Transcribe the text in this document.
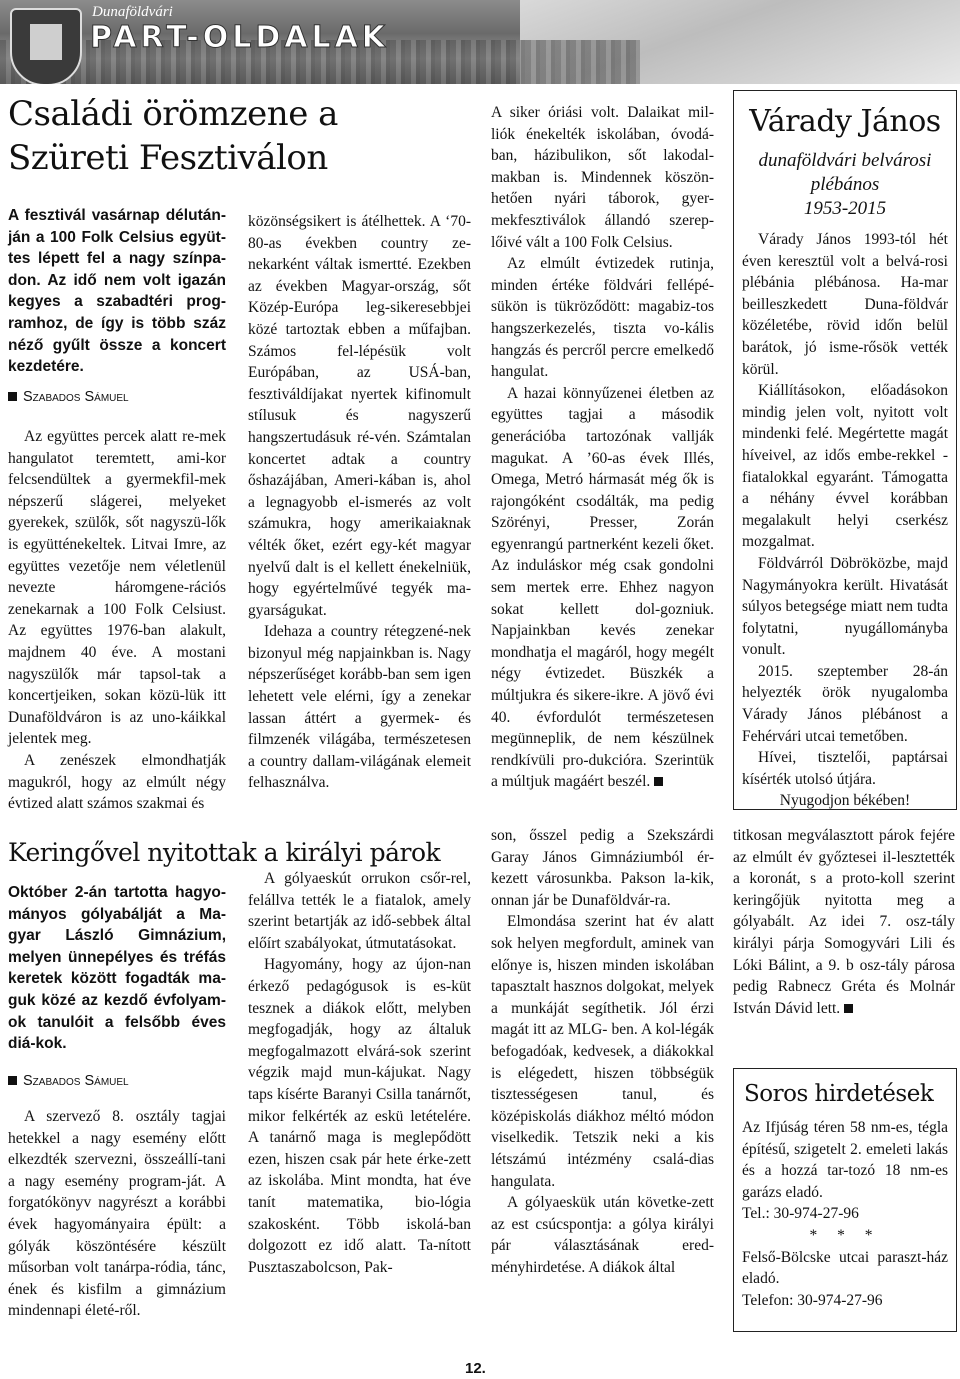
Dunaföldvári
PART-OLDALAK
Családi örömzene a
Szüreti Fesztiválon
A fesztivál vasárnap délután-ján a 100 Folk Celsius együt-tes lépett fel a nagy színpa-don. Az idő nem volt igazán kegyes a szabadtéri prog-ramhoz, de így is több száz néző gyűlt össze a koncert kezdetére.
Szabados Sámuel

Az együttes percek alatt re-mek hangulatot teremtett, ami-kor felcsendültek a gyermekfil-mek népszerű slágerei, melyeket gyerekek, szülők, sőt nagyszü-lők is együtténekeltek. Litvai Imre, az együttes vezetője nem véletlenül nevezte háromgene-rációs zenekarnak a 100 Folk Celsiust. Az együttes 1976-ban alakult, majdnem 40 éve. A mostani nagyszülők már tapsol-tak a koncertjeiken, sokan közü-lük itt Dunaföldváron is az uno-káikkal jelentek meg.

A zenészek elmondhatják magukról, hogy az elmúlt négy évtized alatt számos szakmai és

közönségsikert is átélhettek. A ‘70- 80-as években country ze-nekarként váltak ismertté. Ezekben az években Magyar-ország, sőt Közép-Európa leg-sikeresebbjei közé tartoztak ebben a műfajban. Számos fel-lépésük volt Európában, az USÁ-ban, fesztiváldíjakat nyertek kifinomult stílusuk és nagyszerű hangszertudásuk ré-vén. Számtalan koncertet adtak a country őshazájában, Ameri-kában is, ahol a legnagyobb el-ismerés az volt számukra, hogy amerikaiaknak vélték őket, ezért egy-két magyar nyelvű dalt is el kellett énekelniük, hogy egyértelművé tegyék ma-gyarságukat.

Idehaza a country rétegzené-nek bizonyul még napjainkban is. Nagy népszerűséget korább-ban sem igen lehetett vele elérni, így a zenekar lassan áttért a gyermek- és filmzenék világába, természetesen a country dallam-világának elemeit felhasználva.

A siker óriási volt. Dalaikat mil-liók énekelték iskolában, óvodá-ban, házibulikon, sőt lakodal-makban is. Mindennek köszön-hetően nyári táborok, gyer-mekfesztiválok állandó szerep-lőivé vált a 100 Folk Celsius.

Az elmúlt évtizedek rutinja, minden értéke földvári fellépé-sükön is tükröződött: magabiz-tos hangszerkezelés, tiszta vo-kális hangzás és percről percre emelkedő hangulat.

A hazai könnyűzenei életben az együttes tagjai a második generációba tartozónak vallják magukat. A ’60-as évek Illés, Omega, Metró hármasát még ők is rajongóként csodálták, ma pedig Szörényi, Presser, Zorán egyenrangú partnerként kezeli őket. Az induláskor még csak gondolni sem mertek erre. Ehhez nagyon sokat kellett dol-gozniuk. Napjainkban kevés zenekar mondhatja el magáról, hogy megélt négy évtizedet. Büszkék a múltjukra és sikere-ikre. A jövő évi 40. évfordulót természetesen megünneplik, de nem készülnek rendkívüli pro-dukcióra. Szerintük a múltjuk magáért beszél.

Várady János
dunaföldvári belvárosi
plébános
1953-2015

Várady János 1993-tól hét éven keresztül volt a belvá-rosi plébánia plébánosa. Ha-mar beilleszkedett Duna-földvár közéletébe, rövid időn belül barátok, jó isme-rősök vették körül.

Kiállításokon, előadásokon mindig jelen volt, nyitott volt mindenki felé. Megértette magát híveivel, az idős embe-rekkel - fiatalokkal egyaránt. Támogatta a néhány évvel korábban megalakult helyi cserkész mozgalmat.

Földvárról Döbröközbe, majd Nagymányokra került. Hivatását súlyos betegsége miatt nem tudta folytatni, nyugállományba vonult.

2015. szeptember 28-án helyezték örök nyugalomba Várady János plébánost a Fehérvári utcai temetőben.

Hívei, tisztelői, paptársai kísérték utolsó útjára.

Nyugodjon békében!

Keringővel nyitottak a királyi párok
Október 2-án tartotta hagyo-mányos gólyabálját a Ma-gyar László Gimnázium, melyen ünnepélyes és tréfás keretek között fogadták ma-guk közé az kezdő évfolyam-ok tanulóit a felsőbb éves diá-kok.
Szabados Sámuel

A szervező 8. osztály tagjai hetekkel a nagy esemény előtt elkezdték szervezni, összeállí-tani a nagy esemény program-ját. A forgatókönyv nagyrészt a korábbi évek hagyományaira épült: a gólyák köszöntésére készült műsorban volt tanárpa-ródia, tánc, ének és kisfilm a gimnázium mindennapi életé-ről.

A gólyaeskút orrukon csőr-rel, felállva tették le a fiatalok, amely szerint betartják az idő-sebbek által előírt szabályokat, útmutatásokat.

Hagyomány, hogy az újon-nan érkező pedagógusok is es-küt tesznek a diákok előtt, melyben megfogadják, hogy az általuk megfogalmazott elvárá-sok szerint végzik majd mun-kájukat. Nagy taps kísérte Baranyi Csilla tanárnőt, mikor felkérték az eskü letételére. A tanárnő maga is meglepődött ezen, hiszen csak pár hete érke-zett az iskolába. Mint mondta, hat éve tanít matematika, bio-lógia szakosként. Több iskolá-ban dolgozott ez idő alatt. Ta-nított Pusztaszabolcson, Pak-

son, ősszel pedig a Szekszárdi Garay János Gimnáziumból ér-kezett városunkba. Pakson la-kik, onnan jár be Dunaföldvár-ra.

Elmondása szerint hat év alatt sok helyen megfordult, aminek van előnye is, hiszen minden iskolában tapasztalt hasznos dolgokat, melyek a munkáját segíthetik. Jól érzi magát itt az MLG- ben. A kol-légák befogadóak, kedvesek, a diákokkal is elégedett, hiszen többségük tisztességesen tanul, és középiskolás diákhoz méltó módon viselkedik. Tetszik neki a kis létszámú intézmény csalá-dias hangulata.

A gólyaeskük után követke-zett az est csúcspontja: a gólya királyi pár választásának ered-ményhirdetése. A diákok által

titkosan megválasztott párok fejére az elmúlt év győztesei il-lesztették a koronát, s a proto-koll szerint keringőjük nyitotta meg a gólyabált. Az idei 7. osz-tály királyi párja Somogyvári Lili és Lóki Bálint, a 9. b osz-tály párosa pedig Rabnecz Gréta és Molnár István Dávid lett.

Soros hirdetések

Az Ifjúság téren 58 nm-es, tégla építésű, szigetelt 2. emeleti lakás és a hozzá tar-tozó 18 nm-es garázs eladó.

Tel.: 30-974-27-96

* * *

Felső-Bölcske utcai paraszt-ház eladó.

Telefon: 30-974-27-96

12.
